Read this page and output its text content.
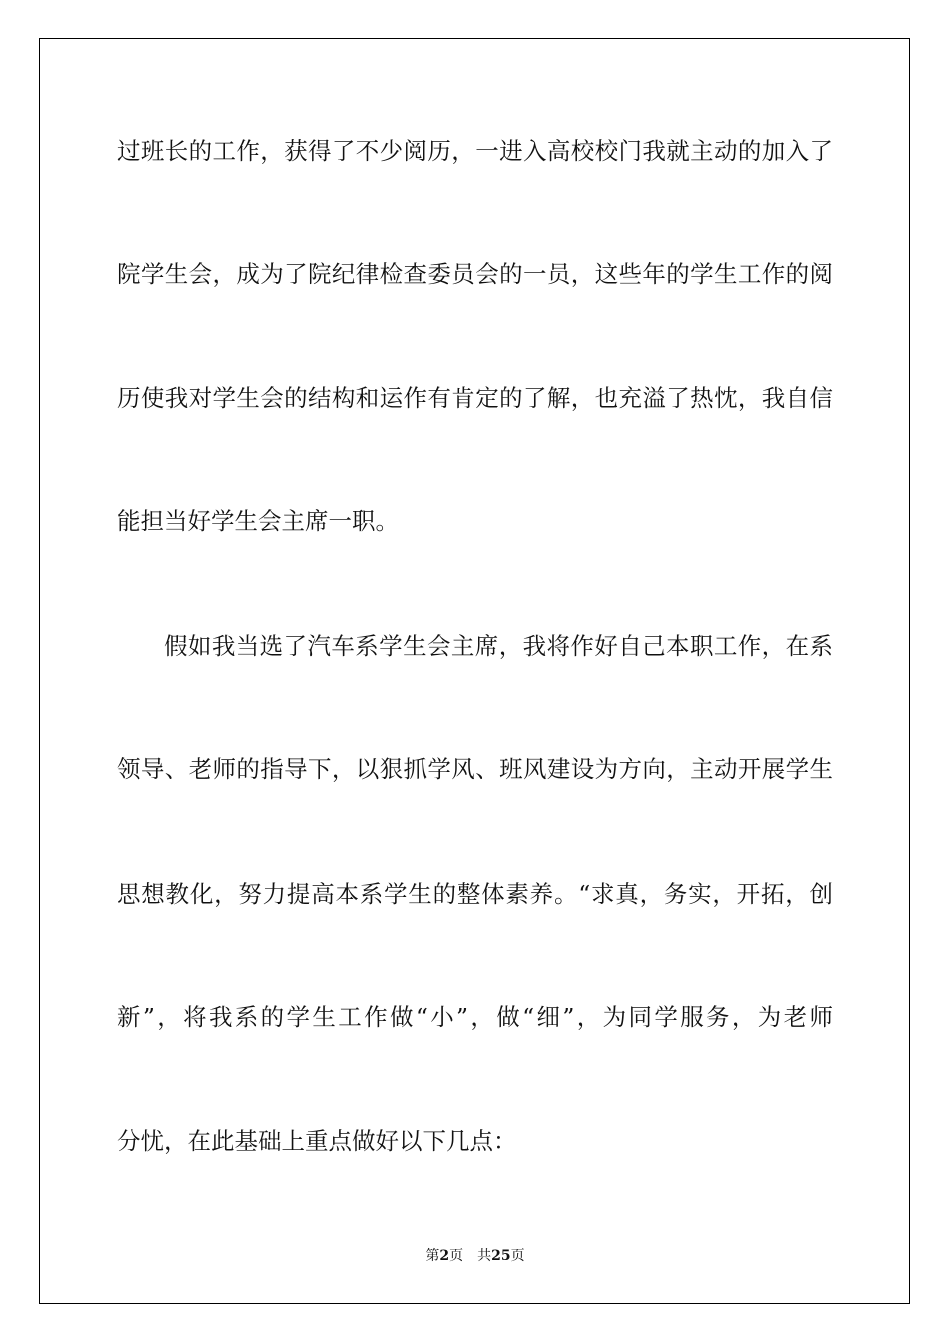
过班长的工作，获得了不少阅历，一进入高校校门我就主动的加入了
院学生会，成为了院纪律检查委员会的一员，这些年的学生工作的阅
历使我对学生会的结构和运作有肯定的了解，也充溢了热忱，我自信
能担当好学生会主席一职。
假如我当选了汽车系学生会主席，我将作好自己本职工作，在系
领导、老师的指导下，以狠抓学风、班风建设为方向，主动开展学生
思想教化，努力提高本系学生的整体素养。“求真，务实，开拓，创
新”，将我系的学生工作做“小”，做“细”，为同学服务，为老师
分忧，在此基础上重点做好以下几点：
第2页 共25页
